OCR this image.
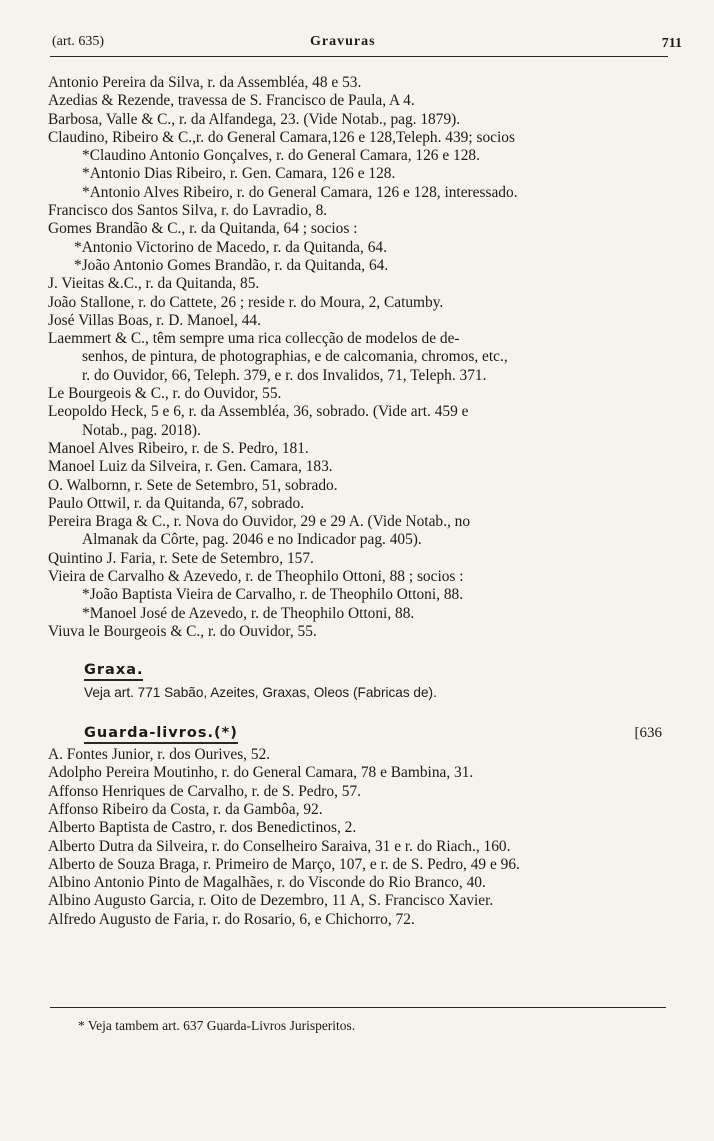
(art. 635)	Gravuras	711
Antonio Pereira da Silva, r. da Assembléa, 48 e 53.
Azedias & Rezende, travessa de S. Francisco de Paula, A 4.
Barbosa, Valle & C., r. da Alfandega, 23. (Vide Notab., pag. 1879).
Claudino, Ribeiro & C.,r. do General Camara,126 e 128,Teleph. 439; socios
*Claudino Antonio Gonçalves, r. do General Camara, 126 e 128.
*Antonio Dias Ribeiro, r. Gen. Camara, 126 e 128.
*Antonio Alves Ribeiro, r. do General Camara, 126 e 128, interessado.
Francisco dos Santos Silva, r. do Lavradio, 8.
Gomes Brandão & C., r. da Quitanda, 64 ; socios :
*Antonio Victorino de Macedo, r. da Quitanda, 64.
*João Antonio Gomes Brandão, r. da Quitanda, 64.
J. Vieitas &.C., r. da Quitanda, 85.
João Stallone, r. do Cattete, 26 ; reside r. do Moura, 2, Catumby.
José Villas Boas, r. D. Manoel, 44.
Laemmert & C., têm sempre uma rica collecção de modelos de de-
senhos, de pintura, de photographias, e de calcomania, chromos, etc.,
r. do Ouvidor, 66, Teleph. 379, e r. dos Invalidos, 71, Teleph. 371.
Le Bourgeois & C., r. do Ouvidor, 55.
Leopoldo Heck, 5 e 6, r. da Assembléa, 36, sobrado. (Vide art. 459 e
Notab., pag. 2018).
Manoel Alves Ribeiro, r. de S. Pedro, 181.
Manoel Luiz da Silveira, r. Gen. Camara, 183.
O. Walbornn, r. Sete de Setembro, 51, sobrado.
Paulo Ottwil, r. da Quitanda, 67, sobrado.
Pereira Braga & C., r. Nova do Ouvidor, 29 e 29 A. (Vide Notab., no
Almanak da Côrte, pag. 2046 e no Indicador pag. 405).
Quintino J. Faria, r. Sete de Setembro, 157.
Vieira de Carvalho & Azevedo, r. de Theophilo Ottoni, 88 ; socios :
*João Baptista Vieira de Carvalho, r. de Theophilo Ottoni, 88.
*Manoel José de Azevedo, r. de Theophilo Ottoni, 88.
Viuva le Bourgeois & C., r. do Ouvidor, 55.
Graxa.
Veja art. 771 Sabão, Azeites, Graxas, Oleos (Fabricas de).
Guarda-livros.(*)	[636
A. Fontes Junior, r. dos Ourives, 52.
Adolpho Pereira Moutinho, r. do General Camara, 78 e Bambina, 31.
Affonso Henriques de Carvalho, r. de S. Pedro, 57.
Affonso Ribeiro da Costa, r. da Gambôa, 92.
Alberto Baptista de Castro, r. dos Benedictinos, 2.
Alberto Dutra da Silveira, r. do Conselheiro Saraiva, 31 e r. do Riach., 160.
Alberto de Souza Braga, r. Primeiro de Março, 107, e r. de S. Pedro, 49 e 96.
Albino Antonio Pinto de Magalhães, r. do Visconde do Rio Branco, 40.
Albino Augusto Garcia, r. Oito de Dezembro, 11 A, S. Francisco Xavier.
Alfredo Augusto de Faria, r. do Rosario, 6, e Chichorro, 72.
* Veja tambem art. 637 Guarda-Livros Jurisperitos.
